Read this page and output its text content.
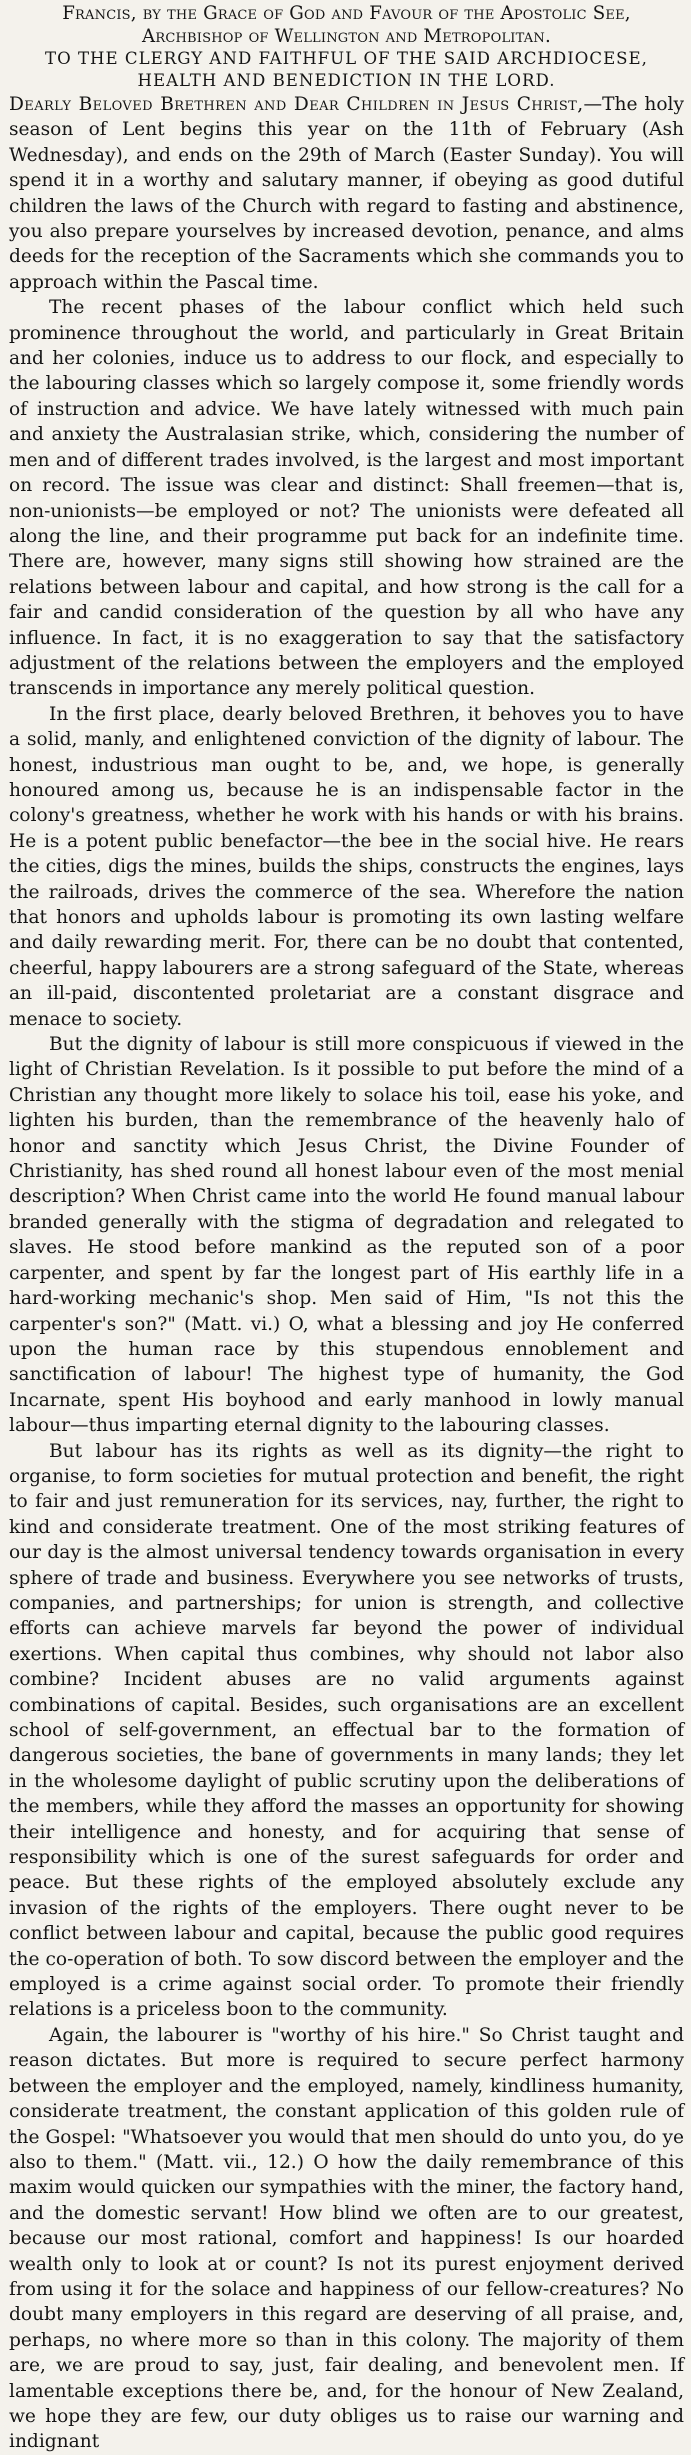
Francis, by the Grace of God and Favour of the Apostolic See, Archbishop of Wellington and Metropolitan.

TO THE CLERGY AND FAITHFUL OF THE SAID ARCHDIOCESE,

HEALTH AND BENEDICTION IN THE LORD.

Dearly Beloved Brethren and Dear Children in Jesus Christ,—The holy season of Lent begins this year on the 11th of February (Ash Wednesday), and ends on the 29th of March (Easter Sunday). You will spend it in a worthy and salutary manner, if obeying as good dutiful children the laws of the Church with regard to fasting and abstinence, you also prepare yourselves by increased devotion, penance, and alms deeds for the reception of the Sacraments which she commands you to approach within the Pascal time.

The recent phases of the labour conflict which held such prominence throughout the world, and particularly in Great Britain and her colonies, induce us to address to our flock, and especially to the labouring classes which so largely compose it, some friendly words of instruction and advice. We have lately witnessed with much pain and anxiety the Australasian strike, which, considering the number of men and of different trades involved, is the largest and most important on record. The issue was clear and distinct: Shall freemen—that is, non-unionists—be employed or not? The unionists were defeated all along the line, and their programme put back for an indefinite time. There are, however, many signs still showing how strained are the relations between labour and capital, and how strong is the call for a fair and candid consideration of the question by all who have any influence. In fact, it is no exaggeration to say that the satisfactory adjustment of the relations between the employers and the employed transcends in importance any merely political question.

In the first place, dearly beloved Brethren, it behoves you to have a solid, manly, and enlightened conviction of the dignity of labour. The honest, industrious man ought to be, and, we hope, is generally honoured among us, because he is an indispensable factor in the colony's greatness, whether he work with his hands or with his brains. He is a potent public benefactor—the bee in the social hive. He rears the cities, digs the mines, builds the ships, constructs the engines, lays the railroads, drives the commerce of the sea. Wherefore the nation that honors and upholds labour is promoting its own lasting welfare and daily rewarding merit. For, there can be no doubt that contented, cheerful, happy labourers are a strong safeguard of the State, whereas an ill-paid, discontented proletariat are a constant disgrace and menace to society.

But the dignity of labour is still more conspicuous if viewed in the light of Christian Revelation. Is it possible to put before the mind of a Christian any thought more likely to solace his toil, ease his yoke, and lighten his burden, than the remembrance of the heavenly halo of honor and sanctity which Jesus Christ, the Divine Founder of Christianity, has shed round all honest labour even of the most menial description? When Christ came into the world He found manual labour branded generally with the stigma of degradation and relegated to slaves. He stood before mankind as the reputed son of a poor carpenter, and spent by far the longest part of His earthly life in a hard-working mechanic's shop. Men said of Him, "Is not this the carpenter's son?" (Matt. vi.) O, what a blessing and joy He conferred upon the human race by this stupendous ennoblement and sanctification of labour! The highest type of humanity, the God Incarnate, spent His boyhood and early manhood in lowly manual labour—thus imparting eternal dignity to the labouring classes.

But labour has its rights as well as its dignity—the right to organise, to form societies for mutual protection and benefit, the right to fair and just remuneration for its services, nay, further, the right to kind and considerate treatment. One of the most striking features of our day is the almost universal tendency towards organisation in every sphere of trade and business. Everywhere you see networks of trusts, companies, and partnerships; for union is strength, and collective efforts can achieve marvels far beyond the power of individual exertions. When capital thus combines, why should not labor also combine? Incident abuses are no valid arguments against combinations of capital. Besides, such organisations are an excellent school of self-government, an effectual bar to the formation of dangerous societies, the bane of governments in many lands; they let in the wholesome daylight of public scrutiny upon the deliberations of the members, while they afford the masses an opportunity for showing their intelligence and honesty, and for acquiring that sense of responsibility which is one of the surest safeguards for order and peace. But these rights of the employed absolutely exclude any invasion of the rights of the employers. There ought never to be conflict between labour and capital, because the public good requires the co-operation of both. To sow discord between the employer and the employed is a crime against social order. To promote their friendly relations is a priceless boon to the community.

Again, the labourer is "worthy of his hire." So Christ taught and reason dictates. But more is required to secure perfect harmony between the employer and the employed, namely, kindliness humanity, considerate treatment, the constant application of this golden rule of the Gospel: "Whatsoever you would that men should do unto you, do ye also to them." (Matt. vii., 12.) O how the daily remembrance of this maxim would quicken our sympathies with the miner, the factory hand, and the domestic servant! How blind we often are to our greatest, because our most rational, comfort and happiness! Is our hoarded wealth only to look at or count? Is not its purest enjoyment derived from using it for the solace and happiness of our fellow-creatures? No doubt many employers in this regard are deserving of all praise, and, perhaps, no where more so than in this colony. The majority of them are, we are proud to say, just, fair dealing, and benevolent men. If lamentable exceptions there be, and, for the honour of New Zealand, we hope they are few, our duty obliges us to raise our warning and indignant
